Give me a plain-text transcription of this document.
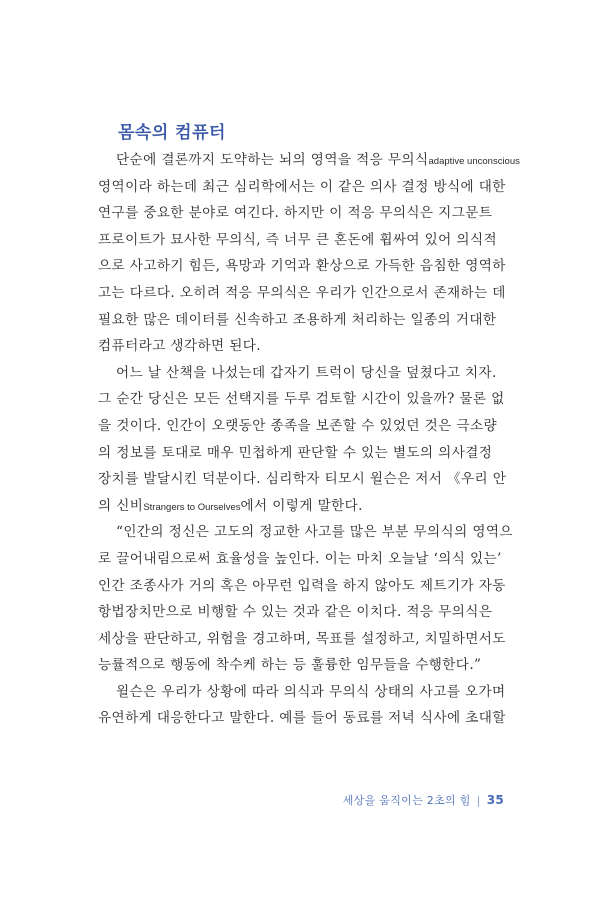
몸속의 컴퓨터
단순에 결론까지 도약하는 뇌의 영역을 적응 무의식adaptive unconscious
영역이라 하는데 최근 심리학에서는 이 같은 의사 결정 방식에 대한
연구를 중요한 분야로 여긴다. 하지만 이 적응 무의식은 지그문트
프로이트가 묘사한 무의식, 즉 너무 큰 혼돈에 휩싸여 있어 의식적
으로 사고하기 힘든, 욕망과 기억과 환상으로 가득한 음침한 영역하
고는 다르다. 오히려 적응 무의식은 우리가 인간으로서 존재하는 데
필요한 많은 데이터를 신속하고 조용하게 처리하는 일종의 거대한
컴퓨터라고 생각하면 된다.
어느 날 산책을 나섰는데 갑자기 트럭이 당신을 덮쳤다고 치자.
그 순간 당신은 모든 선택지를 두루 검토할 시간이 있을까? 물론 없
을 것이다. 인간이 오랫동안 종족을 보존할 수 있었던 것은 극소량
의 정보를 토대로 매우 민첩하게 판단할 수 있는 별도의 의사결정
장치를 발달시킨 덕분이다. 심리학자 티모시 윌슨은 저서 《우리 안
의 신비Strangers to Ourselves에서 이렇게 말한다.
“인간의 정신은 고도의 정교한 사고를 많은 부분 무의식의 영역으
로 끌어내림으로써 효율성을 높인다. 이는 마치 오늘날 ‘의식 있는’
인간 조종사가 거의 혹은 아무런 입력을 하지 않아도 제트기가 자동
항법장치만으로 비행할 수 있는 것과 같은 이치다. 적응 무의식은
세상을 판단하고, 위험을 경고하며, 목표를 설정하고, 치밀하면서도
능률적으로 행동에 착수케 하는 등 훌륭한 임무들을 수행한다.”
윌슨은 우리가 상황에 따라 의식과 무의식 상태의 사고를 오가며
유연하게 대응한다고 말한다. 예를 들어 동료를 저녁 식사에 초대할
세상을 움직이는 2초의 힘 | 35
